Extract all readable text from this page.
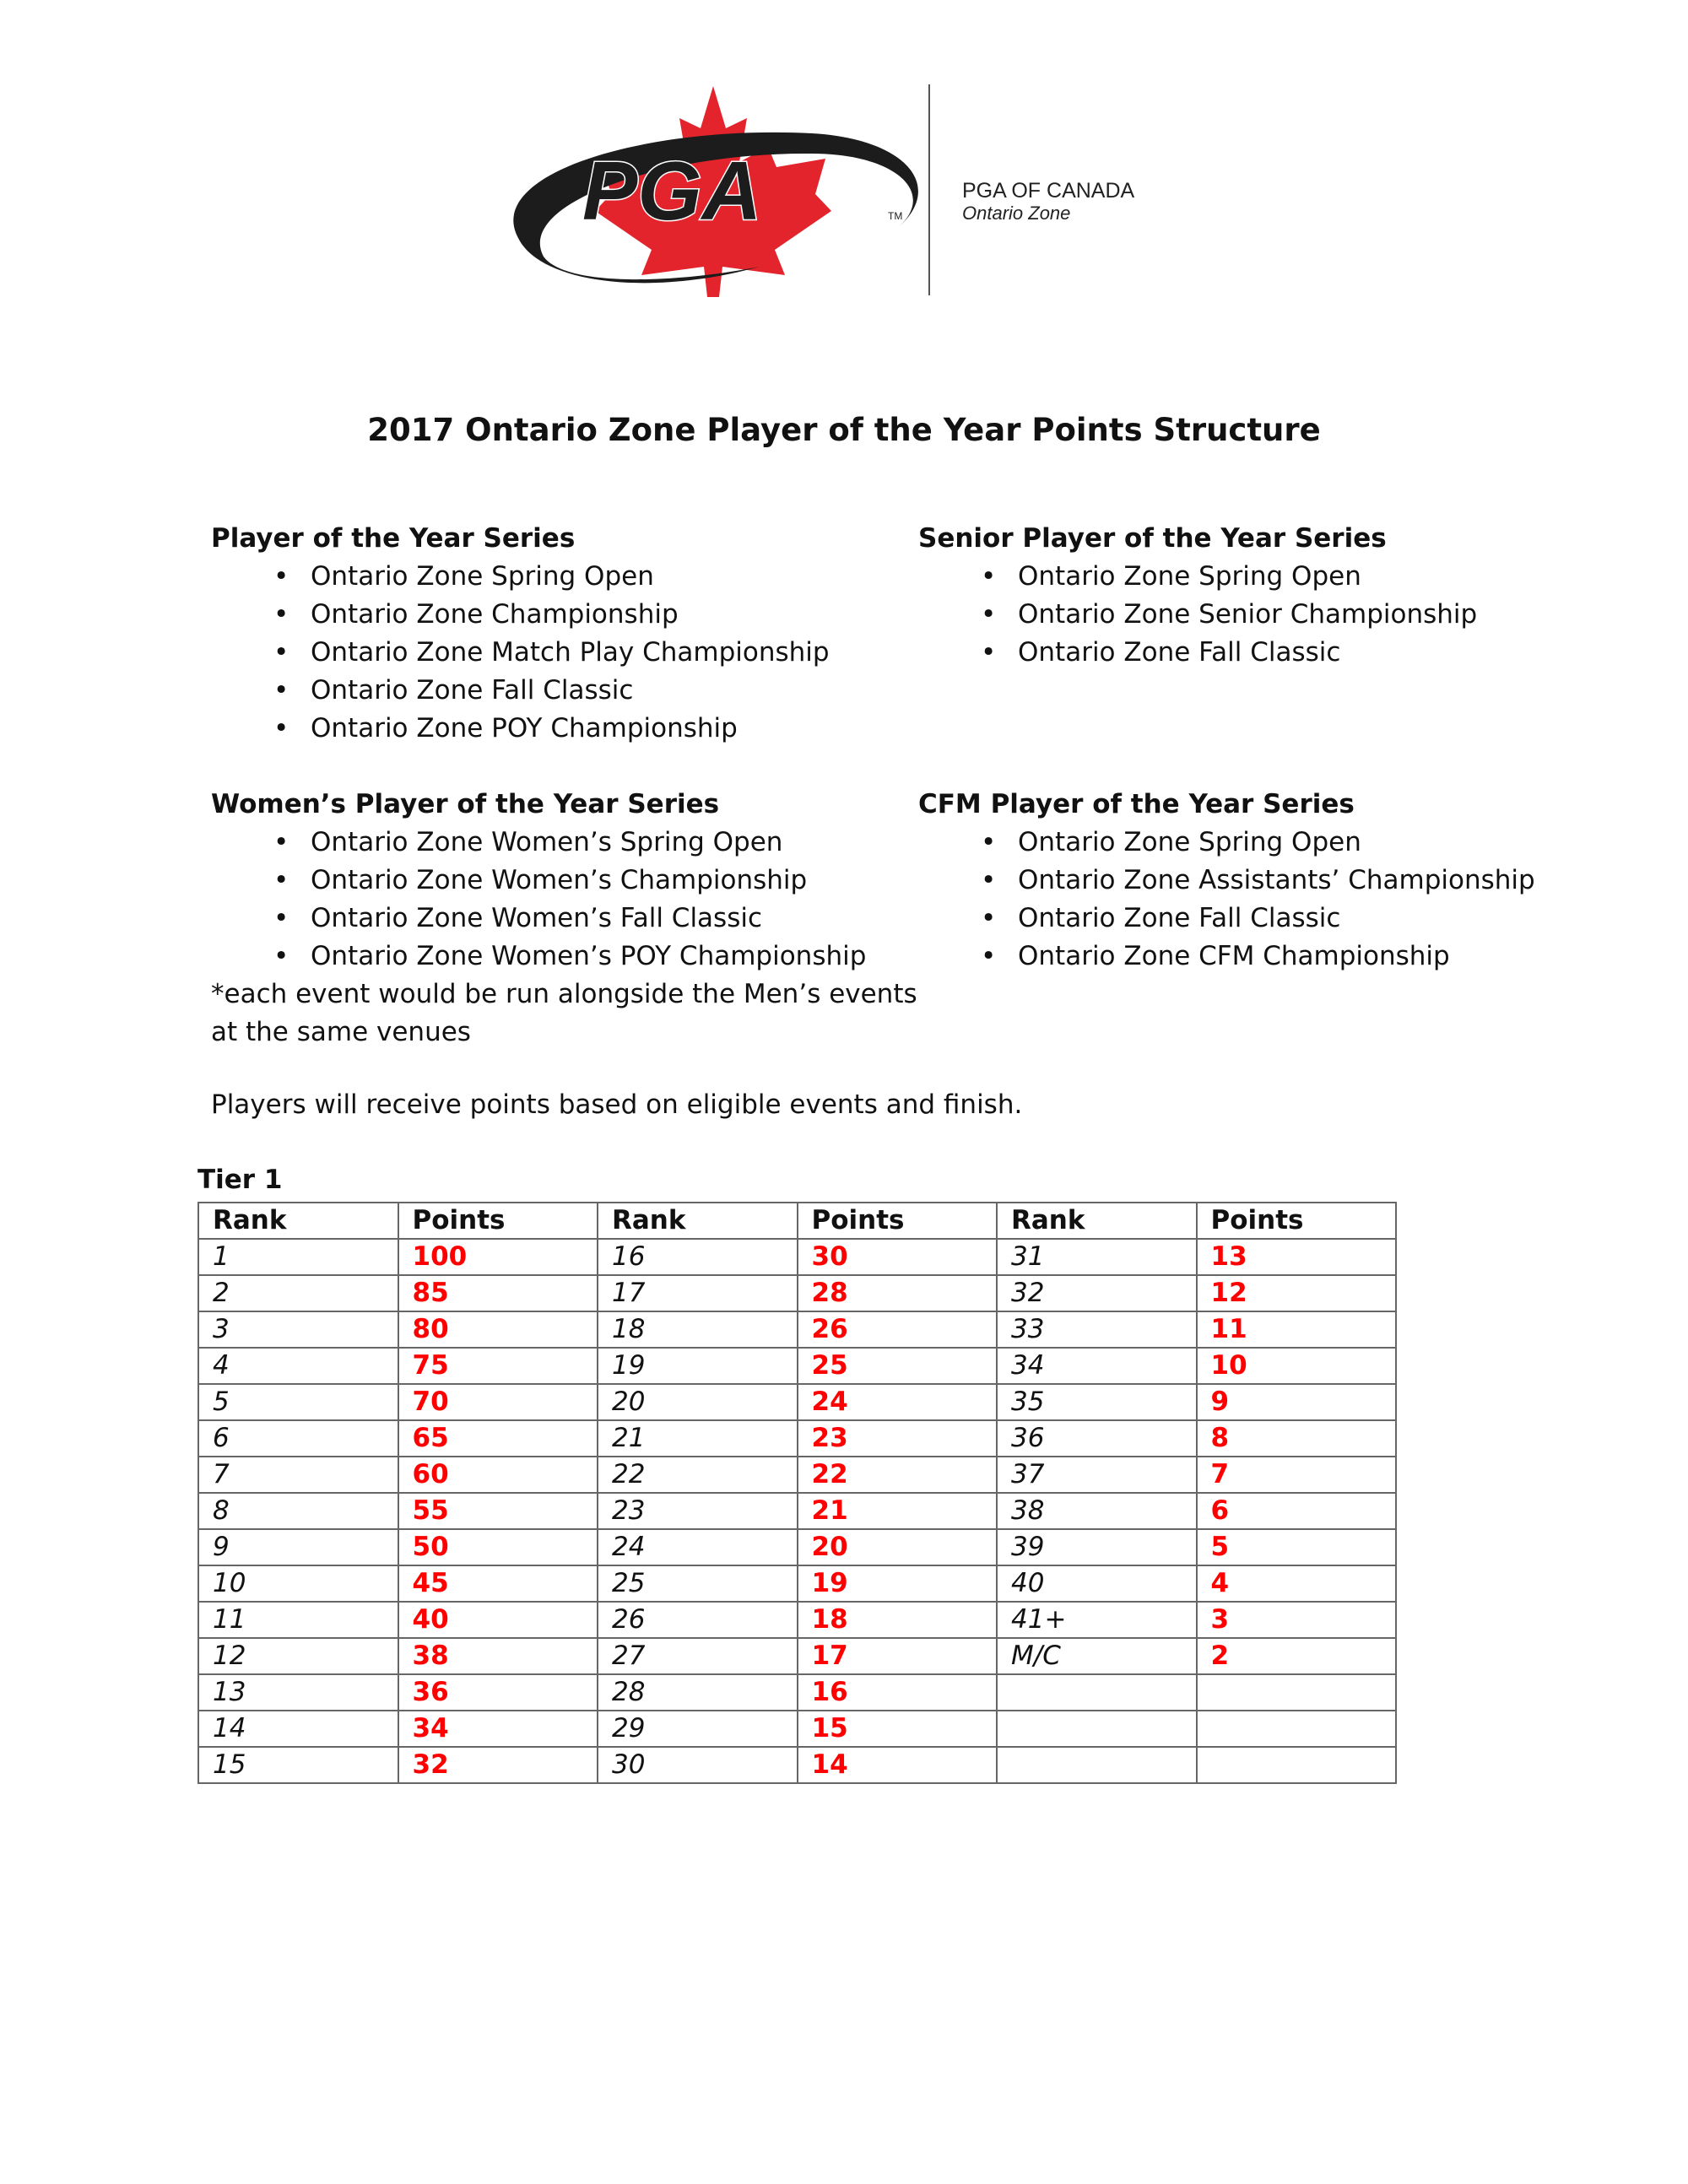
PGA	TM
PGA OF CANADA
Ontario Zone
2017 Ontario Zone Player of the Year Points Structure
Player of the Year Series
• Ontario Zone Spring Open
• Ontario Zone Championship
• Ontario Zone Match Play Championship
• Ontario Zone Fall Classic
• Ontario Zone POY Championship
Senior Player of the Year Series
• Ontario Zone Spring Open
• Ontario Zone Senior Championship
• Ontario Zone Fall Classic
Women’s Player of the Year Series
• Ontario Zone Women’s Spring Open
• Ontario Zone Women’s Championship
• Ontario Zone Women’s Fall Classic
• Ontario Zone Women’s POY Championship

*each event would be run alongside the Men’s events

at the same venues

CFM Player of the Year Series
• Ontario Zone Spring Open
• Ontario Zone Assistants’ Championship
• Ontario Zone Fall Classic
• Ontario Zone CFM Championship

Players will receive points based on eligible events and finish.

Tier 1

Rank	Points	Rank	Points	Rank	Points
1	100	16	30	31	13
2	85	17	28	32	12
3	80	18	26	33	11
4	75	19	25	34	10
5	70	20	24	35	9
6	65	21	23	36	8
7	60	22	22	37	7
8	55	23	21	38	6
9	50	24	20	39	5
10	45	25	19	40	4
11	40	26	18	41+	3
12	38	27	17	M/C	2
13	36	28	16		
14	34	29	15		
15	32	30	14		
